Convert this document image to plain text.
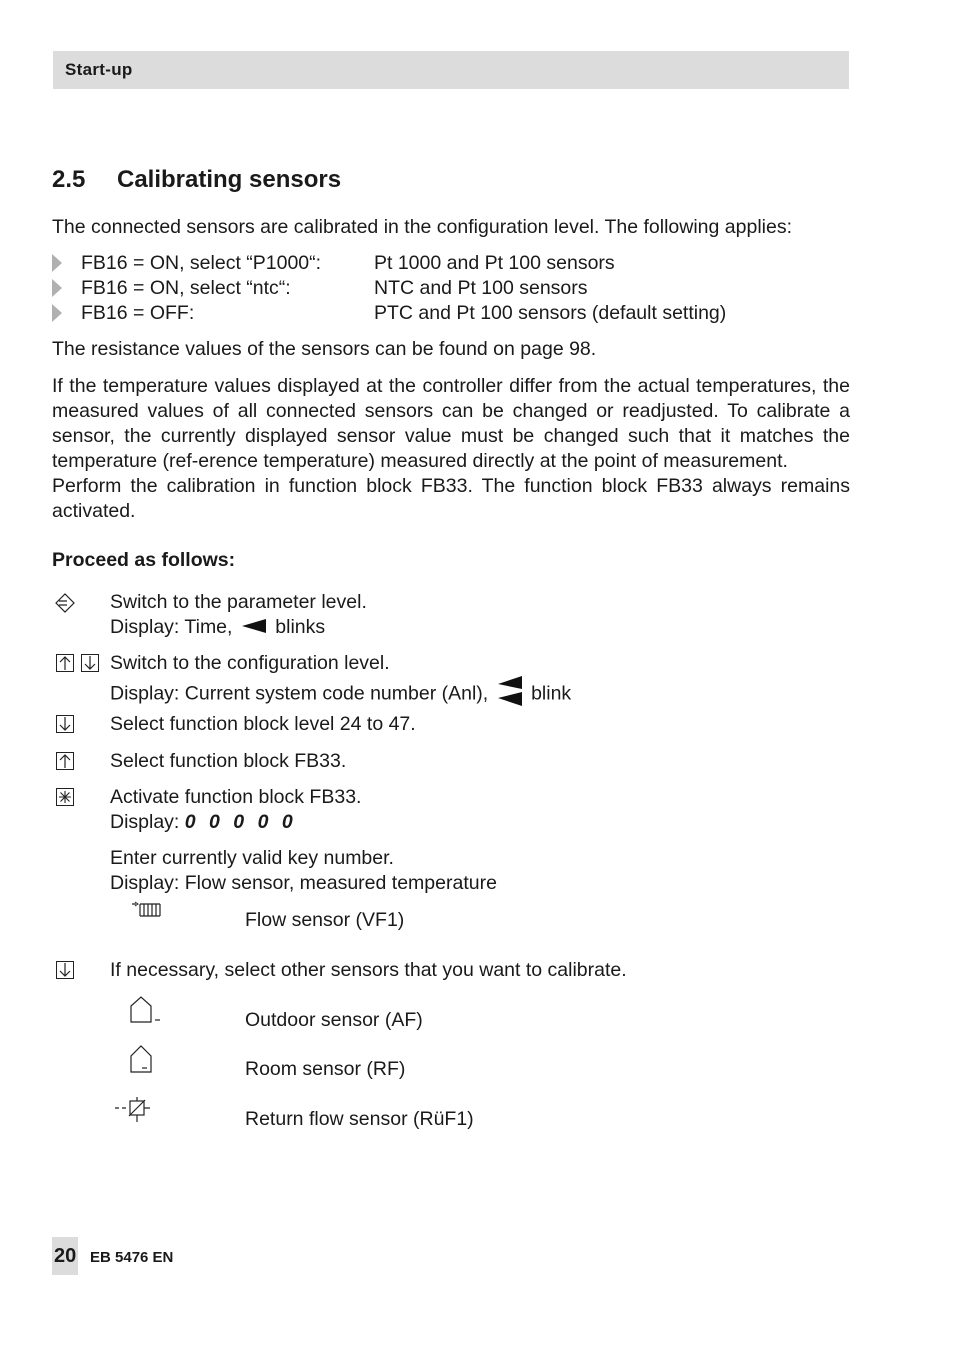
Start-up
2.5 Calibrating sensors
The connected sensors are calibrated in the configuration level. The following applies:
FB16 = ON, select “P1000“:	Pt 1000 and Pt 100 sensors
FB16 = ON, select “ntc“:	NTC and Pt 100 sensors
FB16 = OFF:	PTC and Pt 100 sensors (default setting)
The resistance values of the sensors can be found on page 98.
If the temperature values displayed at the controller differ from the actual temperatures, the measured values of all connected sensors can be changed or readjusted. To calibrate a sensor, the currently displayed sensor value must be changed such that it matches the temperature (ref-erence temperature) measured directly at the point of measurement.
Perform the calibration in function block FB33. The function block FB33 always remains activated.
Proceed as follows:
Switch to the parameter level.
Display: Time, blinks
Switch to the configuration level.
Display: Current system code number (Anl), blink
Select function block level 24 to 47.
Select function block FB33.
Activate function block FB33.
Display: 0 0 0 0 0
Enter currently valid key number.
Display: Flow sensor, measured temperature
Flow sensor (VF1)
If necessary, select other sensors that you want to calibrate.
Outdoor sensor (AF)
Room sensor (RF)
Return flow sensor (RüF1)
20 EB 5476 EN
